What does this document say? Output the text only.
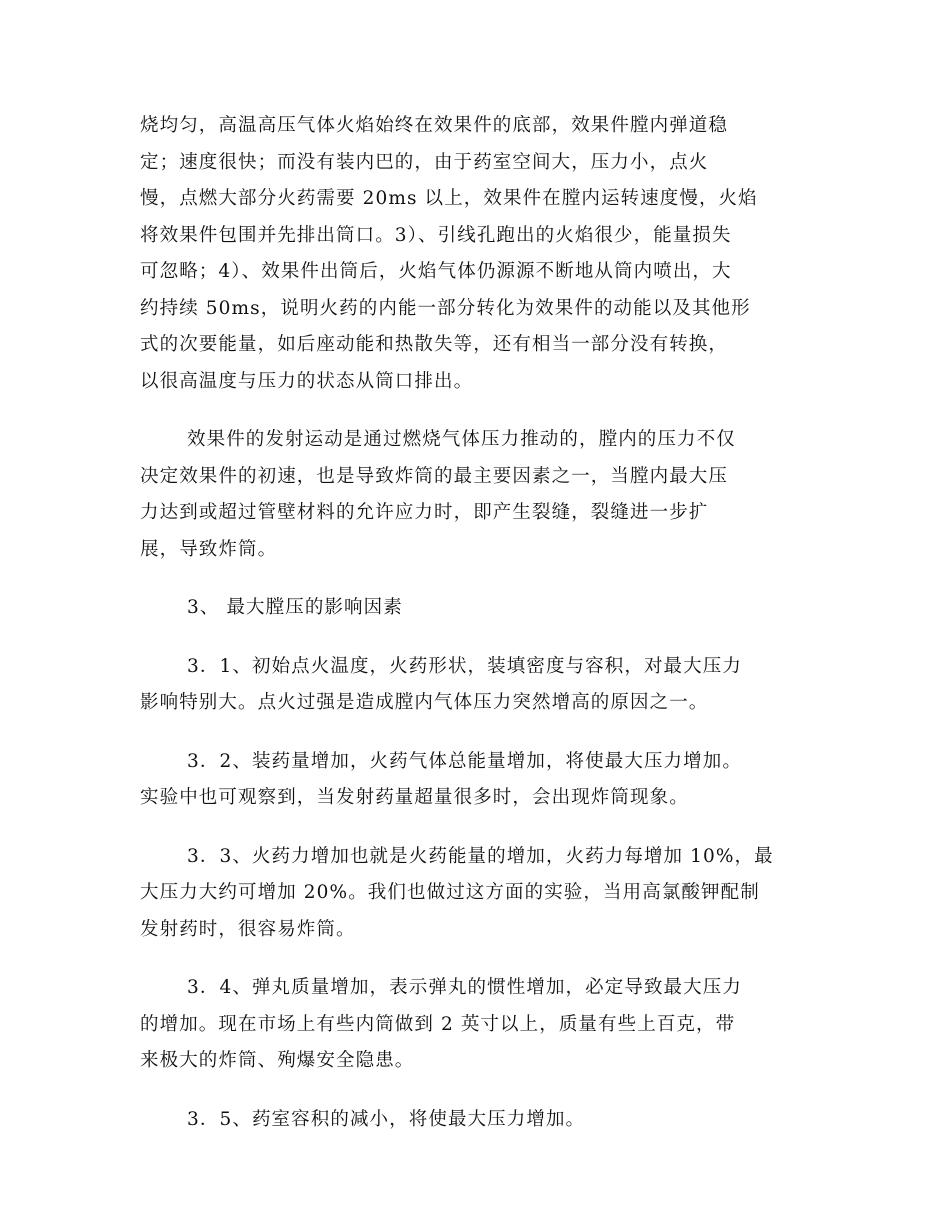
烧均匀，高温高压气体火焰始终在效果件的底部，效果件膛内弹道稳
定；速度很快；而没有装内巴的，由于药室空间大，压力小，点火
慢，点燃大部分火药需要 20ms 以上，效果件在膛内运转速度慢，火焰
将效果件包围并先排出筒口。3）、引线孔跑出的火焰很少，能量损失
可忽略；4）、效果件出筒后，火焰气体仍源源不断地从筒内喷出，大
约持续 50ms，说明火药的内能一部分转化为效果件的动能以及其他形
式的次要能量，如后座动能和热散失等，还有相当一部分没有转换，
以很高温度与压力的状态从筒口排出。

效果件的发射运动是通过燃烧气体压力推动的，膛内的压力不仅
决定效果件的初速，也是导致炸筒的最主要因素之一，当膛内最大压
力达到或超过管壁材料的允许应力时，即产生裂缝，裂缝进一步扩
展，导致炸筒。

3、 最大膛压的影响因素

3．1、初始点火温度，火药形状，装填密度与容积，对最大压力
影响特别大。点火过强是造成膛内气体压力突然增高的原因之一。

3．2、装药量增加，火药气体总能量增加，将使最大压力增加。
实验中也可观察到，当发射药量超量很多时，会出现炸筒现象。

3．3、火药力增加也就是火药能量的增加，火药力每增加 10%，最
大压力大约可增加 20%。我们也做过这方面的实验，当用高氯酸钾配制
发射药时，很容易炸筒。

3．4、弹丸质量增加，表示弹丸的惯性增加，必定导致最大压力
的增加。现在市场上有些内筒做到 2 英寸以上，质量有些上百克，带
来极大的炸筒、殉爆安全隐患。

3．5、药室容积的减小，将使最大压力增加。
